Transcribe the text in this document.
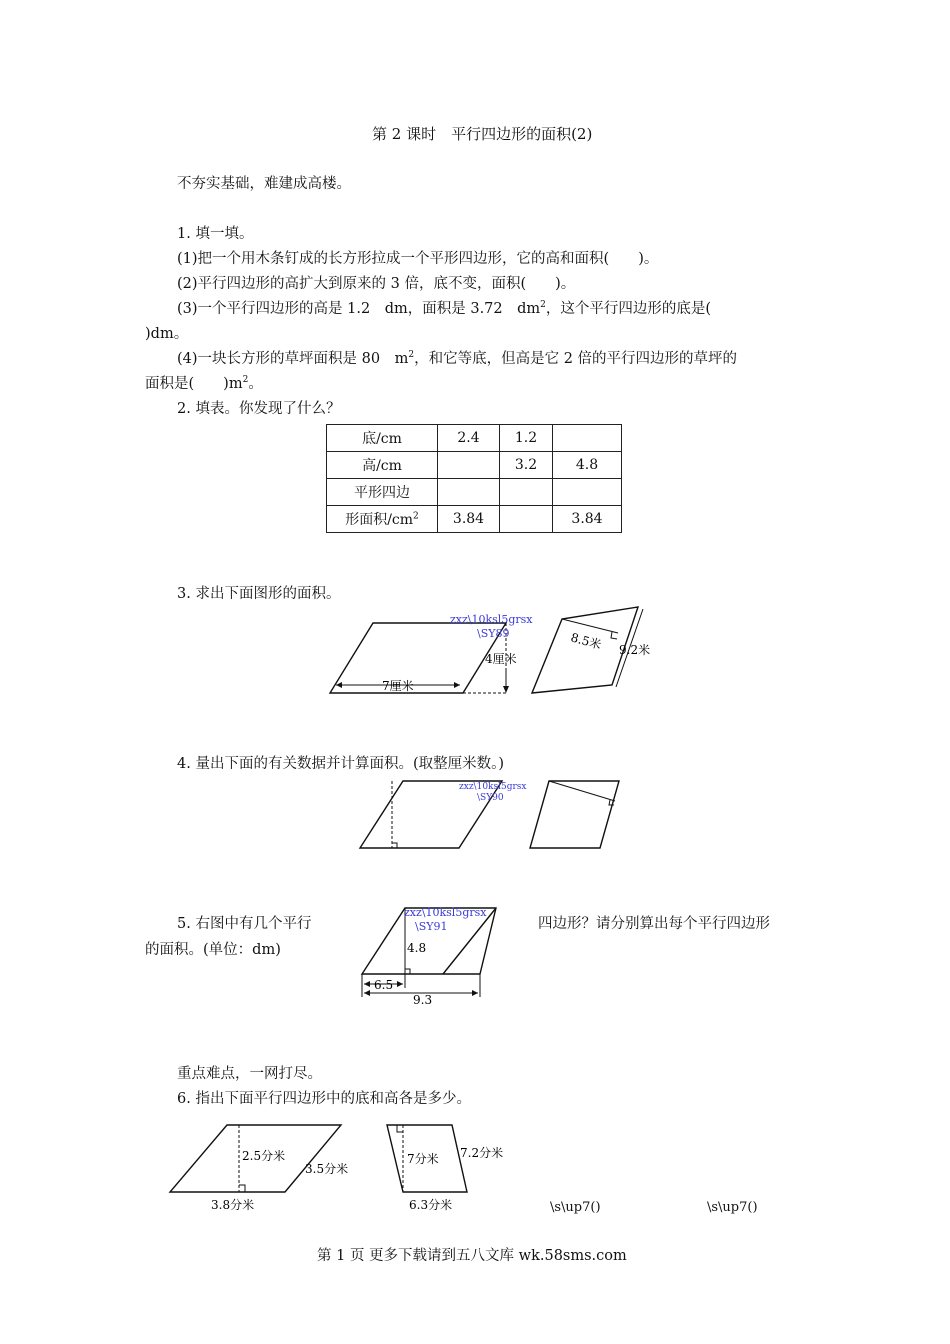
第 2 课时　平行四边形的面积(2)
不夯实基础，难建成高楼。
1. 填一填。
(1)把一个用木条钉成的长方形拉成一个平形四边形，它的高和面积(　　)。
(2)平行四边形的高扩大到原来的 3 倍，底不变，面积(　　)。
(3)一个平行四边形的高是 1.2　dm，面积是 3.72　$dm^2$，这个平行四边形的底是(
)dm。
(4)一块长方形的草坪面积是 80　$m^2$，和它等底，但高是它 2 倍的平行四边形的草坪的
面积是(　　)$m^2$。
2. 填表。你发现了什么？
底/cm	2.4	1.2	
高/cm		3.2	4.8
平形四边			
形面积$/cm^2$	3.84		3.84
3. 求出下面图形的面积。
7厘米
4厘米
zxz\10ksl5grsx
\SY89	8.5米 9.2米
4. 量出下面的有关数据并计算面积。(取整厘米数。)
zxz\10ksl5grsx
\SY90
5. 右图中有几个平行	四边形？请分别算出每个平行四边形
的面积。(单位：dm)	4.8
6.5
9.3
zxz\10ksl5grsx
\SY91
重点难点，一网打尽。
6. 指出下面平行四边形中的底和高各是多少。
2.5分米
3.5分米
3.8分米
7分米 7.2分米
6.3分米	\s\up7()	\s\up7()
第 1 页 更多下载请到五八文库 wk.58sms.com
